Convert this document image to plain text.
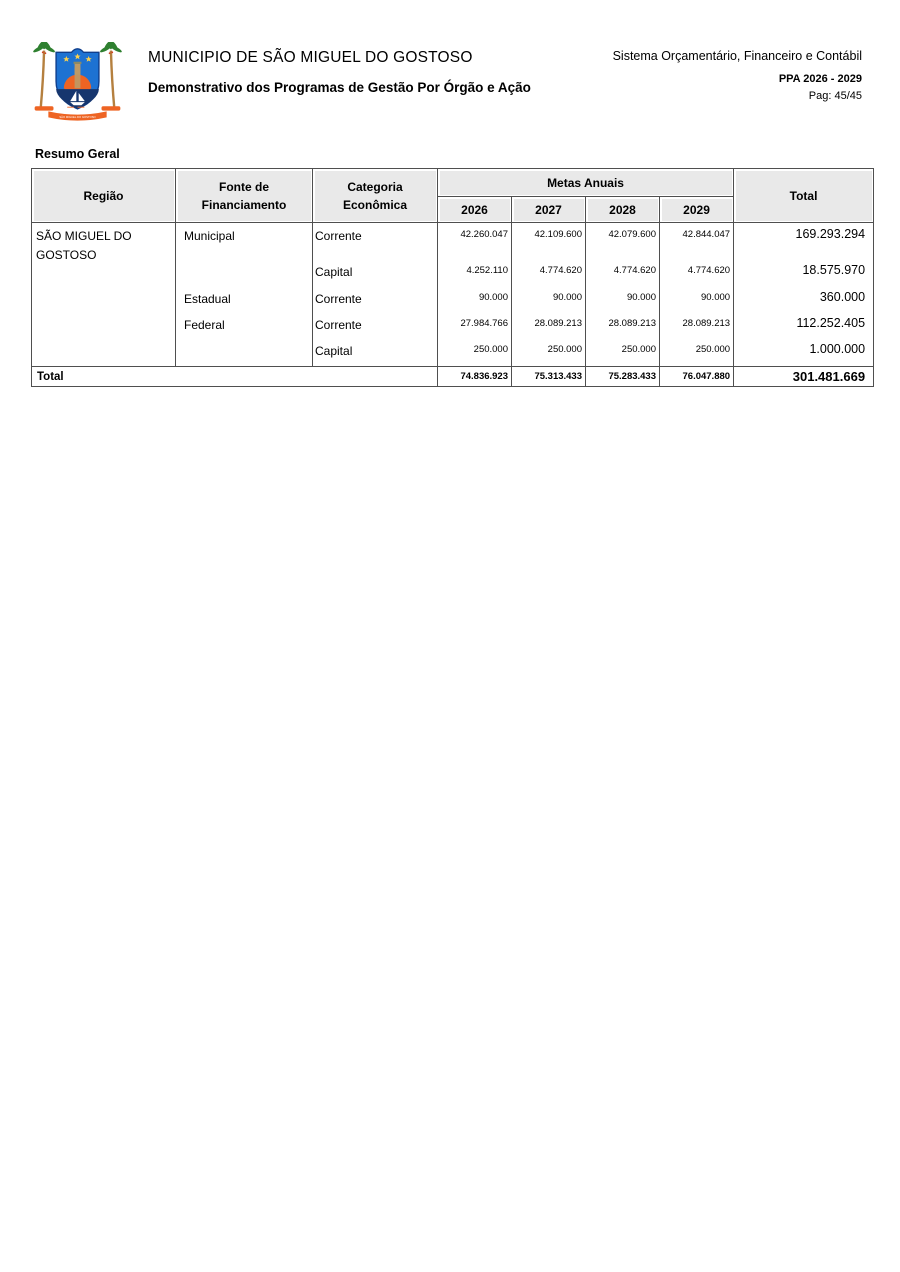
SÃO MIGUEL DO GOSTOSO
MUNICIPIO DE SÃO MIGUEL DO GOSTOSO
Demonstrativo dos Programas de Gestão Por Órgão e Ação
Sistema Orçamentário, Financeiro e Contábil
PPA 2026 - 2029
Pag: 45/45
Resumo Geral
Região	Fonte de Financiamento	Categoria Econômica	Metas Anuais				Total
			2026	2027	2028	2029	
SÃO MIGUEL DO GOSTOSO	Municipal	Corrente	42.260.047	42.109.600	42.079.600	42.844.047	169.293.294
		Capital	4.252.110	4.774.620	4.774.620	4.774.620	18.575.970
	Estadual	Corrente	90.000	90.000	90.000	90.000	360.000
	Federal	Corrente	27.984.766	28.089.213	28.089.213	28.089.213	112.252.405
		Capital	250.000	250.000	250.000	250.000	1.000.000
Total			74.836.923	75.313.433	75.283.433	76.047.880	301.481.669
